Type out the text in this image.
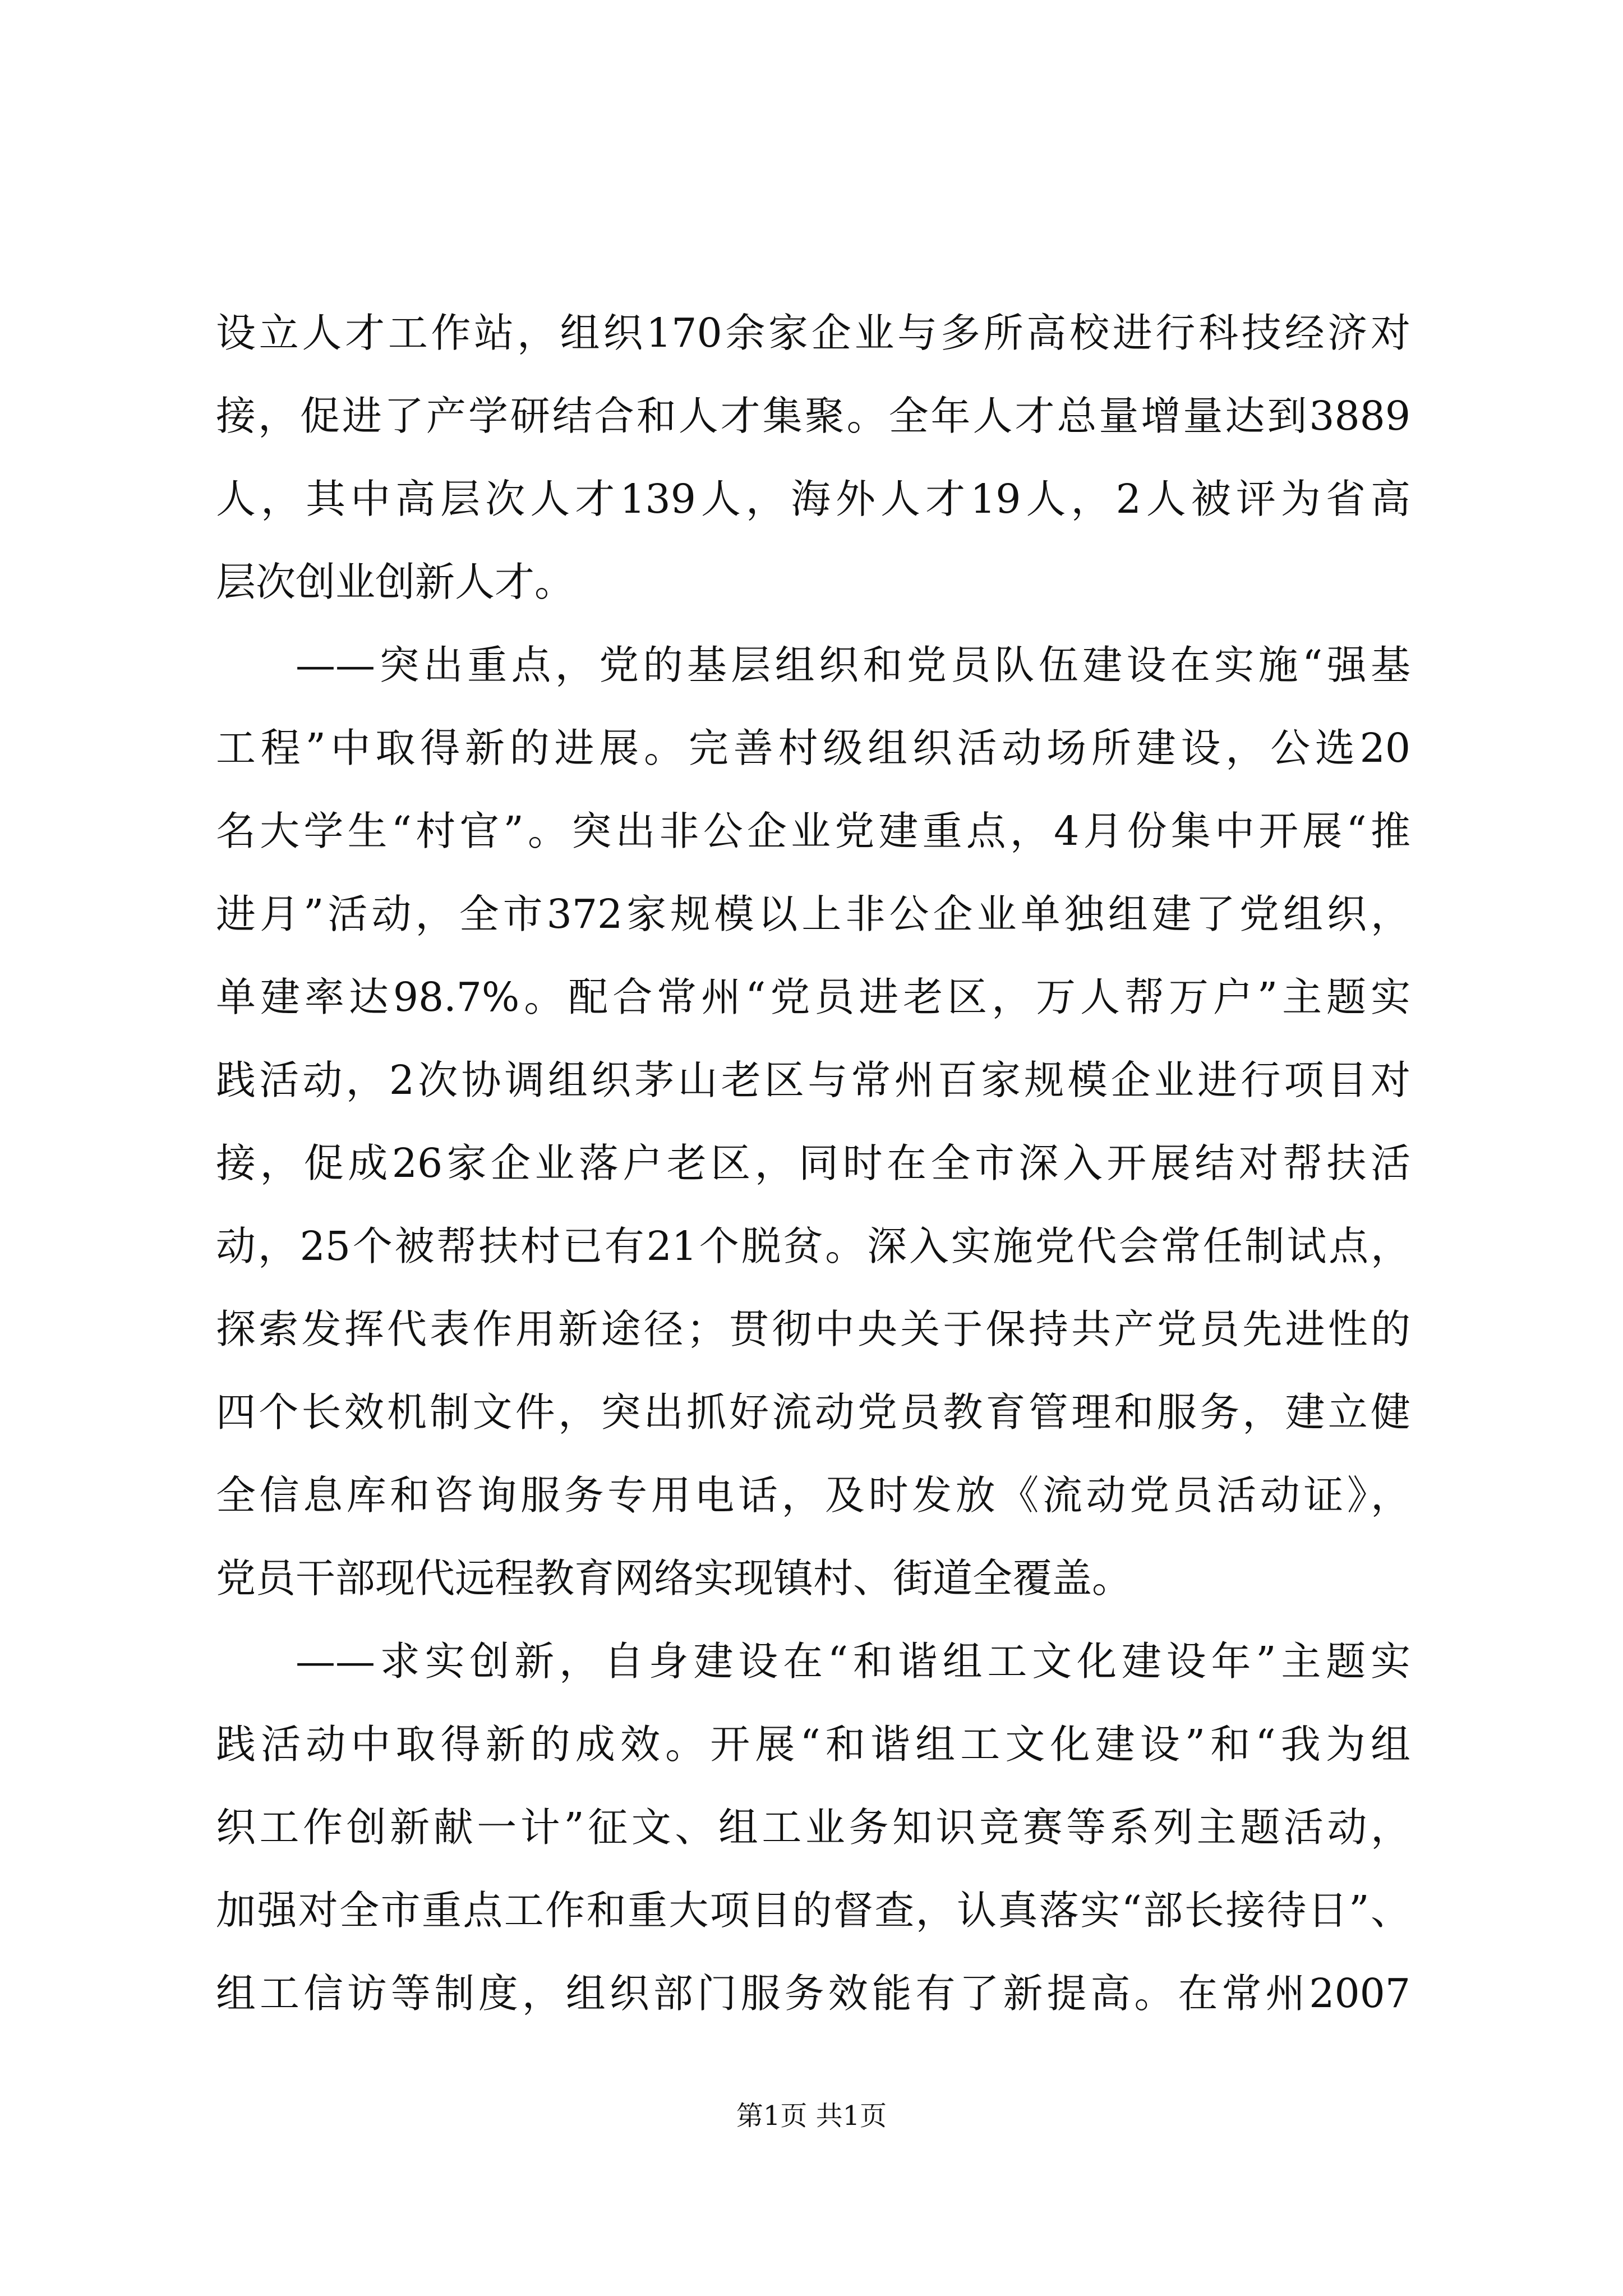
设立人才工作站，组织170余家企业与多所高校进行科技经济对
接，促进了产学研结合和人才集聚。全年人才总量增量达到3889
人，其中高层次人才139人，海外人才19人，2人被评为省高
层次创业创新人才。
——突出重点，党的基层组织和党员队伍建设在实施“强基
工程”中取得新的进展。完善村级组织活动场所建设，公选20
名大学生“村官”。突出非公企业党建重点，4月份集中开展“推
进月”活动，全市372家规模以上非公企业单独组建了党组织，
单建率达98.7%。配合常州“党员进老区，万人帮万户”主题实
践活动，2次协调组织茅山老区与常州百家规模企业进行项目对
接，促成26家企业落户老区，同时在全市深入开展结对帮扶活
动，25个被帮扶村已有21个脱贫。深入实施党代会常任制试点，
探索发挥代表作用新途径；贯彻中央关于保持共产党员先进性的
四个长效机制文件，突出抓好流动党员教育管理和服务，建立健
全信息库和咨询服务专用电话，及时发放《流动党员活动证》，
党员干部现代远程教育网络实现镇村、街道全覆盖。
——求实创新，自身建设在“和谐组工文化建设年”主题实
践活动中取得新的成效。开展“和谐组工文化建设”和“我为组
织工作创新献一计”征文、组工业务知识竞赛等系列主题活动，
加强对全市重点工作和重大项目的督查，认真落实“部长接待日”、
组工信访等制度，组织部门服务效能有了新提高。在常州2007
第1页 共1页
